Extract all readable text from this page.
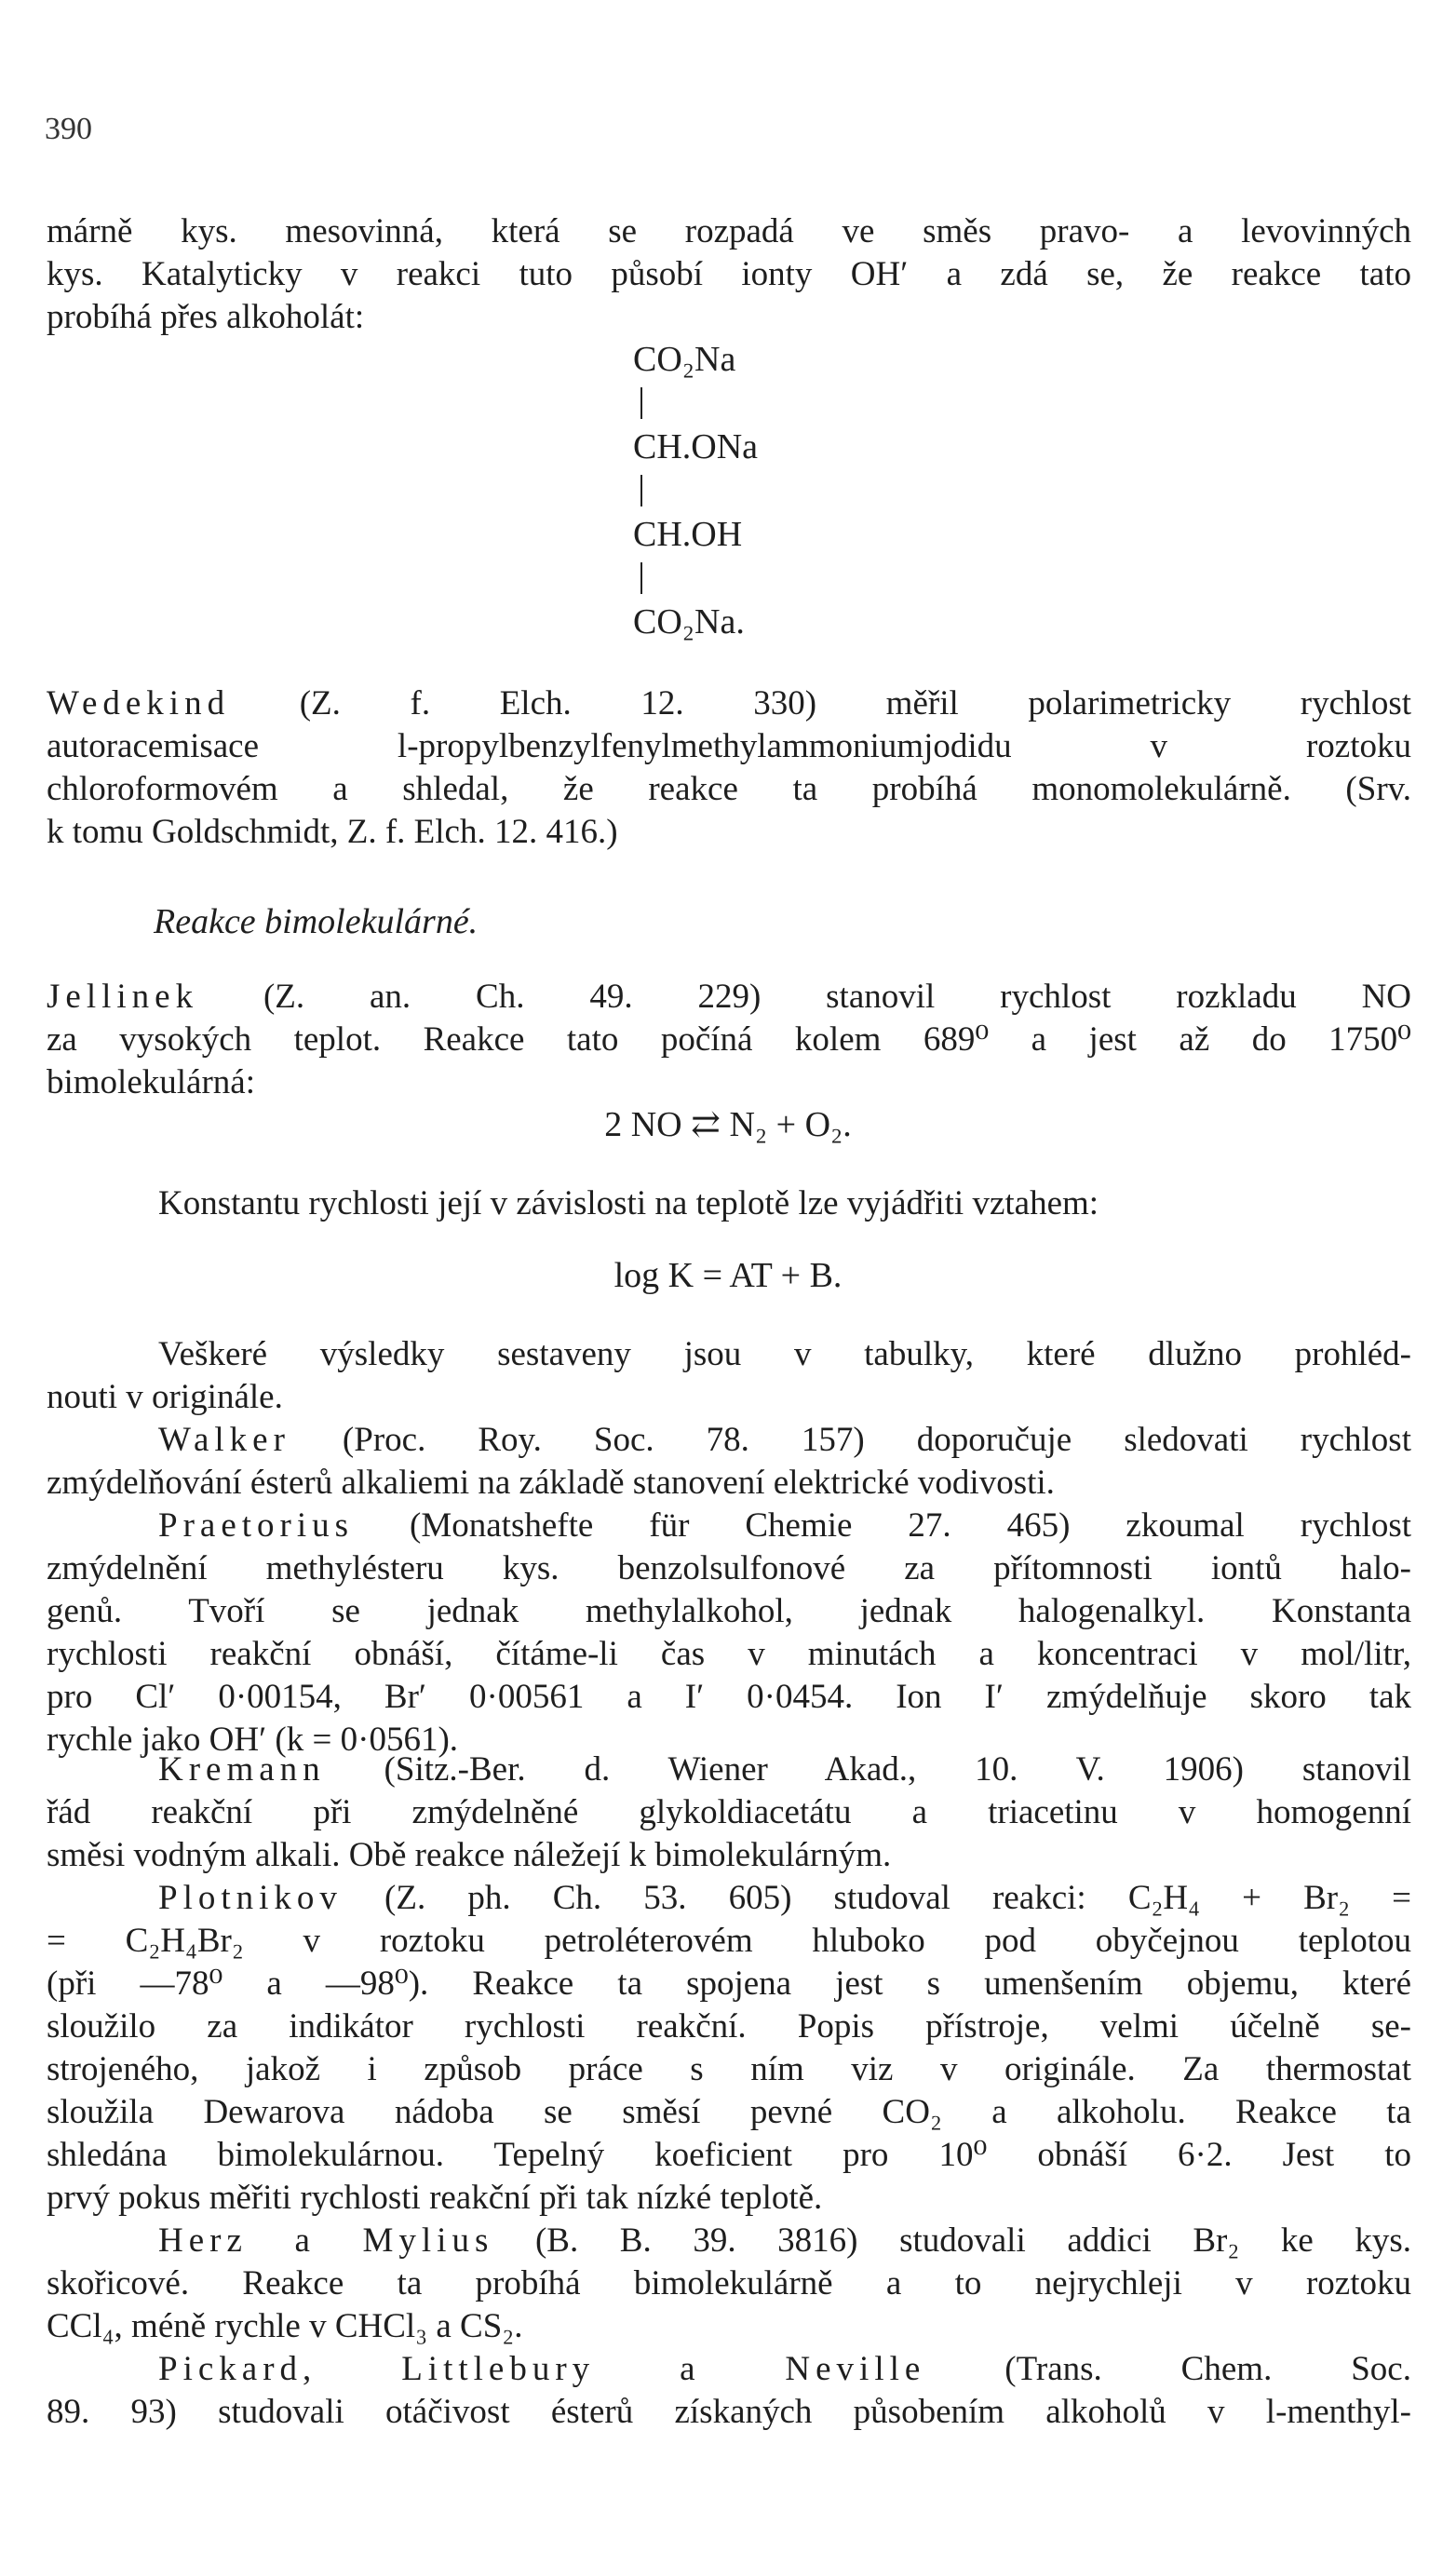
390
márně kys. mesovinná, která se rozpadá ve směs pravo- a levovinných
kys. Katalyticky v reakci tuto působí ionty OH′ a zdá se, že reakce tato
probíhá přes alkoholát:
CO₂Na
CH.ONa
CH.OH
CO₂Na.
Wedekind (Z. f. Elch. 12. 330) měřil polarimetricky rychlost
autoracemisace l-propylbenzylfenylmethylammoniumjodidu v roztoku
chloroformovém a shledal, že reakce ta probíhá monomolekulárně. (Srv.
k tomu Goldschmidt, Z. f. Elch. 12. 416.)
Reakce bimolekulárné.
Jellinek (Z. an. Ch. 49. 229) stanovil rychlost rozkladu NO
za vysokých teplot. Reakce tato počíná kolem 689⁰ a jest až do 1750⁰
bimolekulárná:
2 NO ⇄ N₂ + O₂.
Konstantu rychlosti její v závislosti na teplotě lze vyjádřiti vztahem:
log K = AT + B.
Veškeré výsledky sestaveny jsou v tabulky, které dlužno prohléd-
nouti v originále.
Walker (Proc. Roy. Soc. 78. 157) doporučuje sledovati rychlost
zmýdelňování ésterů alkaliemi na základě stanovení elektrické vodivosti.
Praetorius (Monatshefte für Chemie 27. 465) zkoumal rychlost
zmýdelnění methylésteru kys. benzolsulfonové za přítomnosti iontů halo-
genů. Tvoří se jednak methylalkohol, jednak halogenalkyl. Konstanta
rychlosti reakční obnáší, čítáme-li čas v minutách a koncentraci v mol/litr,
pro Cl′ 0·00154, Br′ 0·00561 a I′ 0·0454. Ion I′ zmýdelňuje skoro tak
rychle jako OH′ (k = 0·0561).
Kremann (Sitz.-Ber. d. Wiener Akad., 10. V. 1906) stanovil
řád reakční při zmýdelněné glykoldiacetátu a triacetinu v homogenní
směsi vodným alkali. Obě reakce náležejí k bimolekulárným.
Plotnikov (Z. ph. Ch. 53. 605) studoval reakci: C₂H₄ + Br₂ =
= C₂H₄Br₂ v roztoku petroléterovém hluboko pod obyčejnou teplotou
(při —78⁰ a —98⁰). Reakce ta spojena jest s umenšením objemu, které
sloužilo za indikátor rychlosti reakční. Popis přístroje, velmi účelně se-
strojeného, jakož i způsob práce s ním viz v originále. Za thermostat
sloužila Dewarova nádoba se směsí pevné CO₂ a alkoholu. Reakce ta
shledána bimolekulárnou. Tepelný koeficient pro 10⁰ obnáší 6·2. Jest to
prvý pokus měřiti rychlosti reakční při tak nízké teplotě.
Herz a Mylius (B. B. 39. 3816) studovali addici Br₂ ke kys.
skořicové. Reakce ta probíhá bimolekulárně a to nejrychleji v roztoku
CCl₄, méně rychle v CHCl₃ a CS₂.
Pickard, Littlebury a Neville (Trans. Chem. Soc.
89. 93) studovali otáčivost ésterů získaných působením alkoholů v l-menthyl-
